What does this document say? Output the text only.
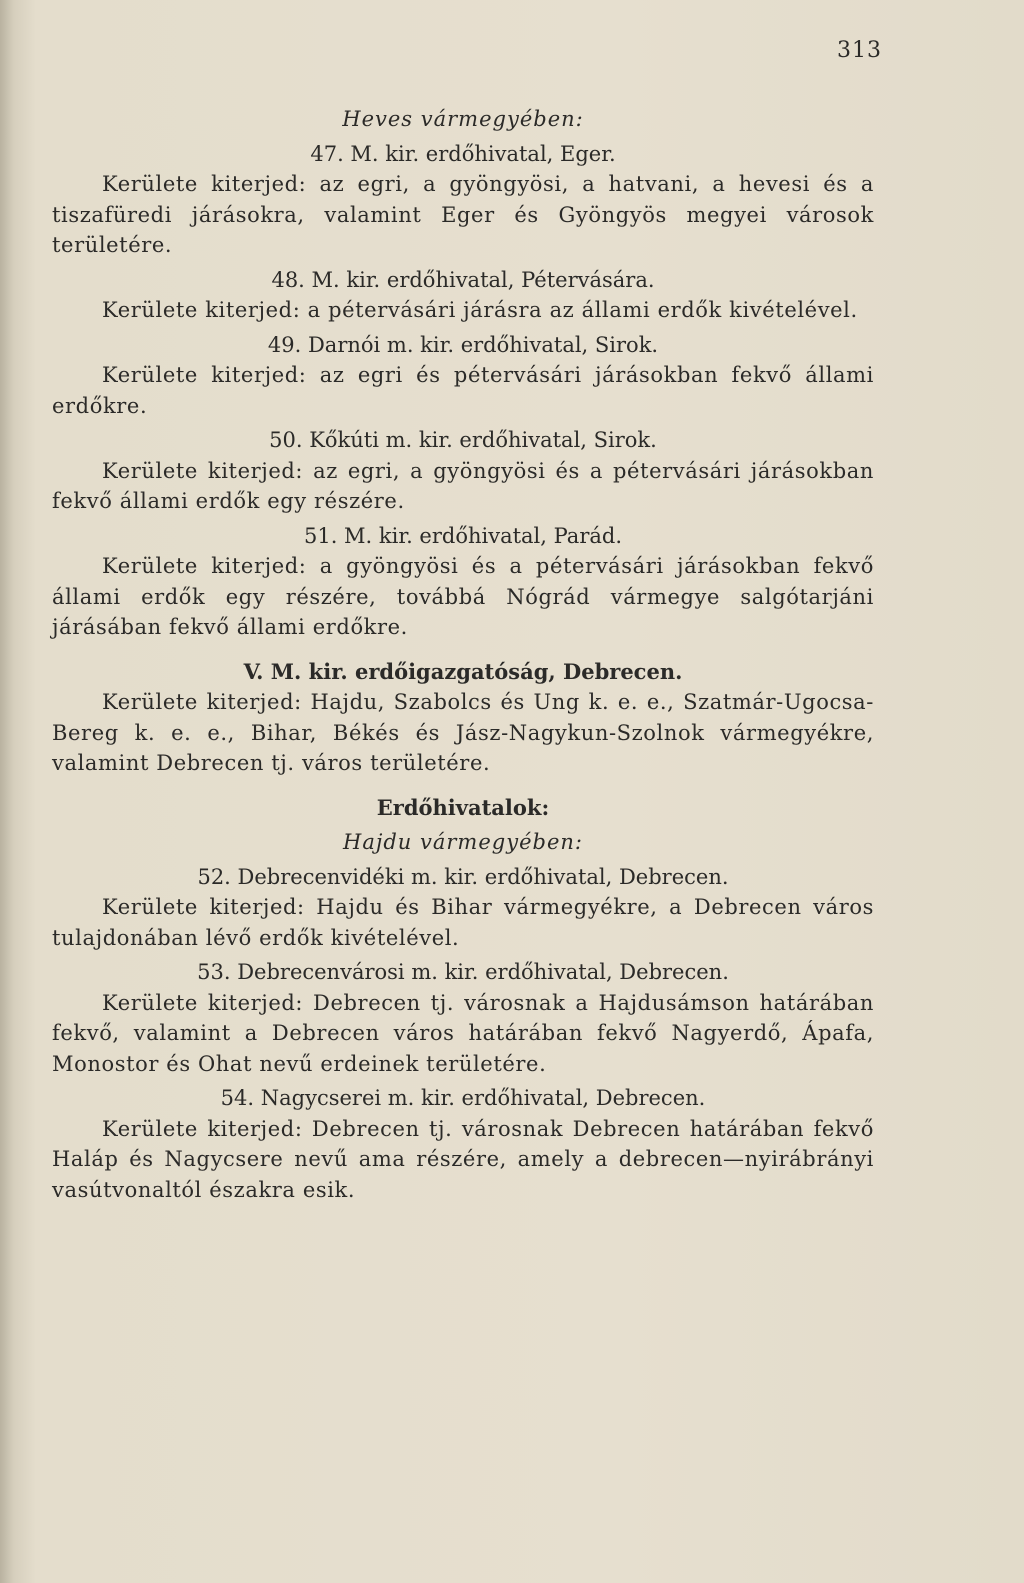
313

Heves vármegyében:

47. M. kir. erdőhivatal, Eger.

Kerülete kiterjed: az egri, a gyöngyösi, a hatvani, a hevesi és a tiszafüredi járásokra, valamint Eger és Gyöngyös megyei városok területére.

48. M. kir. erdőhivatal, Pétervására.

Kerülete kiterjed: a pétervásári járásra az állami erdők kivételével.

49. Darnói m. kir. erdőhivatal, Sirok.

Kerülete kiterjed: az egri és pétervásári járásokban fekvő állami erdőkre.

50. Kőkúti m. kir. erdőhivatal, Sirok.

Kerülete kiterjed: az egri, a gyöngyösi és a pétervásári járásokban fekvő állami erdők egy részére.

51. M. kir. erdőhivatal, Parád.

Kerülete kiterjed: a gyöngyösi és a pétervásári járásokban fekvő állami erdők egy részére, továbbá Nógrád vármegye salgótarjáni járásában fekvő állami erdőkre.

V. M. kir. erdőigazgatóság, Debrecen.

Kerülete kiterjed: Hajdu, Szabolcs és Ung k. e. e., Szatmár-Ugocsa-Bereg k. e. e., Bihar, Békés és Jász-Nagykun-Szolnok vármegyékre, valamint Debrecen tj. város területére.

Erdőhivatalok:

Hajdu vármegyében:

52. Debrecenvidéki m. kir. erdőhivatal, Debrecen.

Kerülete kiterjed: Hajdu és Bihar vármegyékre, a Debrecen város tulajdonában lévő erdők kivételével.

53. Debrecenvárosi m. kir. erdőhivatal, Debrecen.

Kerülete kiterjed: Debrecen tj. városnak a Hajdusámson határában fekvő, valamint a Debrecen város határában fekvő Nagyerdő, Ápafa, Monostor és Ohat nevű erdeinek területére.

54. Nagycserei m. kir. erdőhivatal, Debrecen.

Kerülete kiterjed: Debrecen tj. városnak Debrecen határában fekvő Haláp és Nagycsere nevű ama részére, amely a debrecen—nyirábrányi vasútvonaltól északra esik.
